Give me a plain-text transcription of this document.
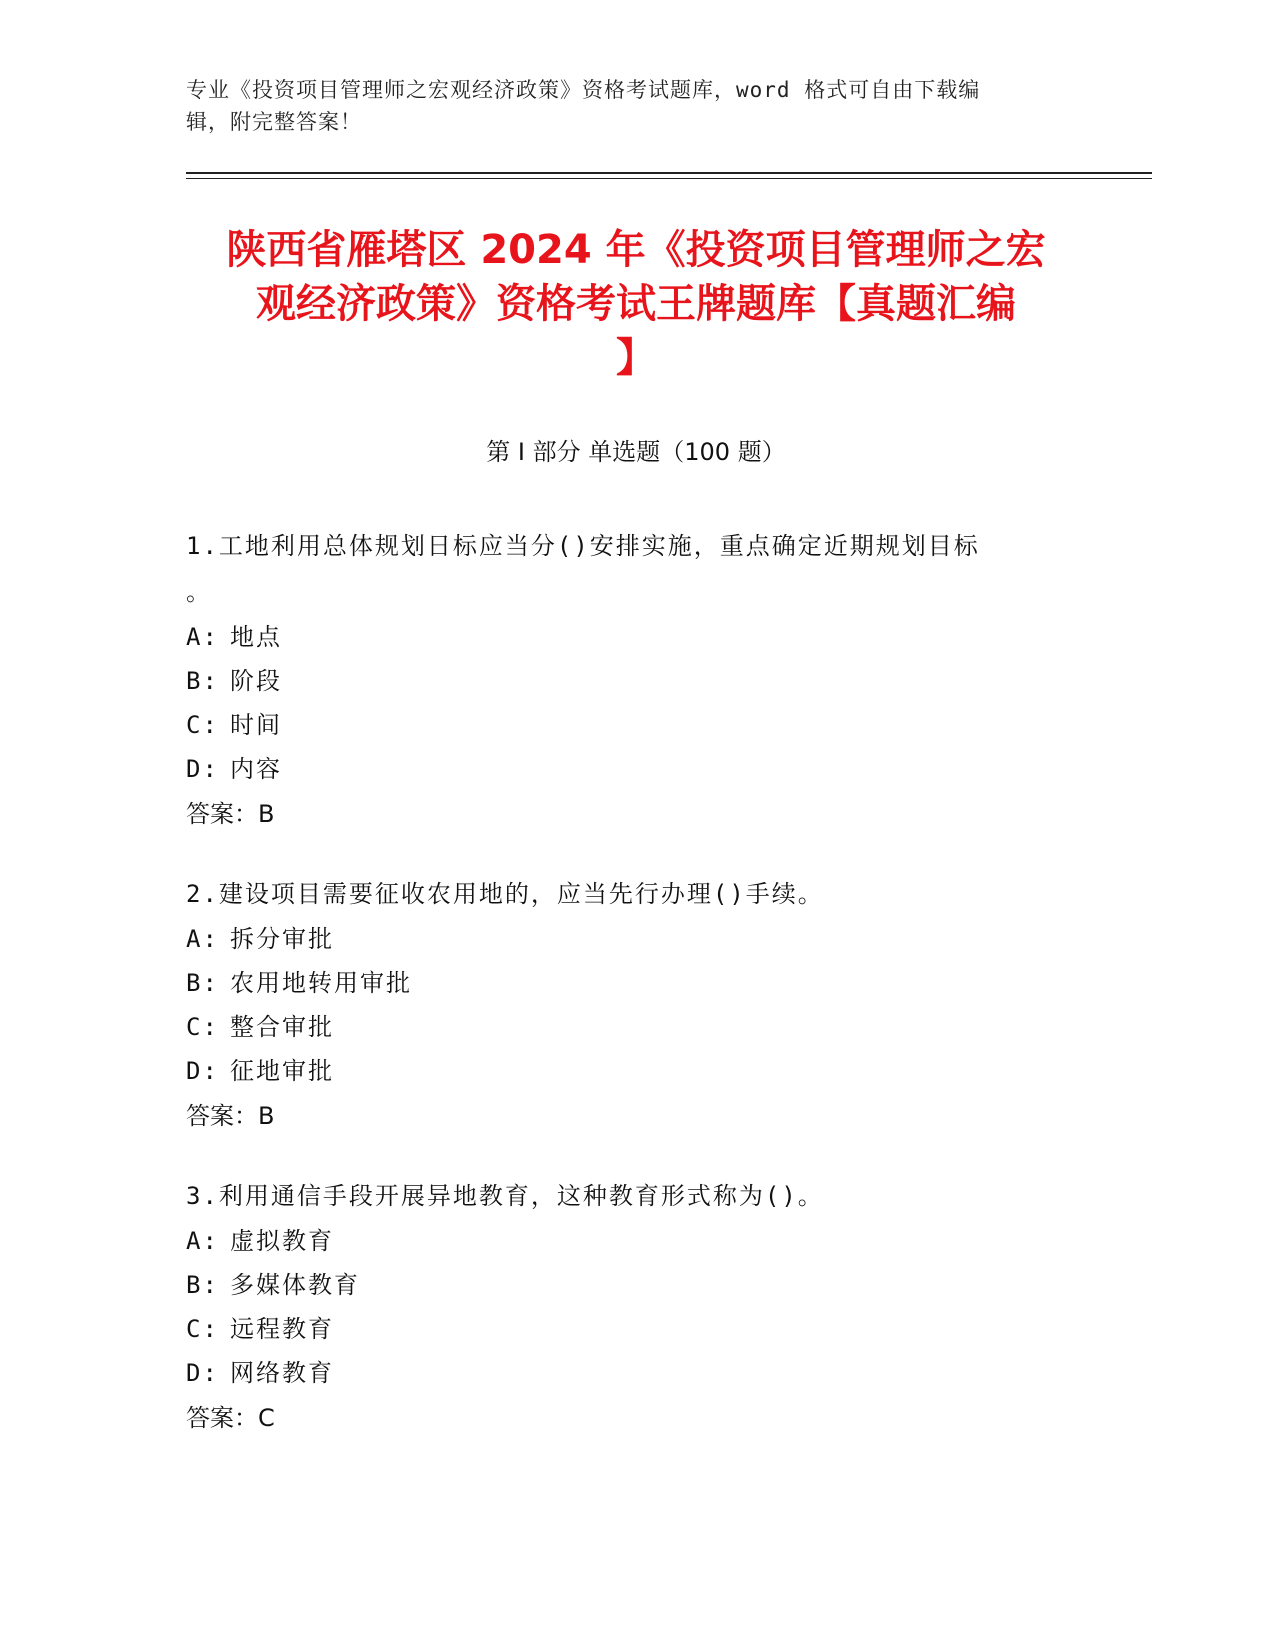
专业《投资项目管理师之宏观经济政策》资格考试题库，word 格式可自由下载编
辑，附完整答案！
陕西省雁塔区 2024 年《投资项目管理师之宏
观经济政策》资格考试王牌题库【真题汇编
】
第 I 部分 单选题（100 题）
1.工地利用总体规划日标应当分()安排实施，重点确定近期规划目标
。
A: 地点
B: 阶段
C: 时间
D: 内容
答案：B
2.建设项目需要征收农用地的，应当先行办理()手续。
A: 拆分审批
B: 农用地转用审批
C: 整合审批
D: 征地审批
答案：B
3.利用通信手段开展异地教育，这种教育形式称为()。
A: 虚拟教育
B: 多媒体教育
C: 远程教育
D: 网络教育
答案：C
